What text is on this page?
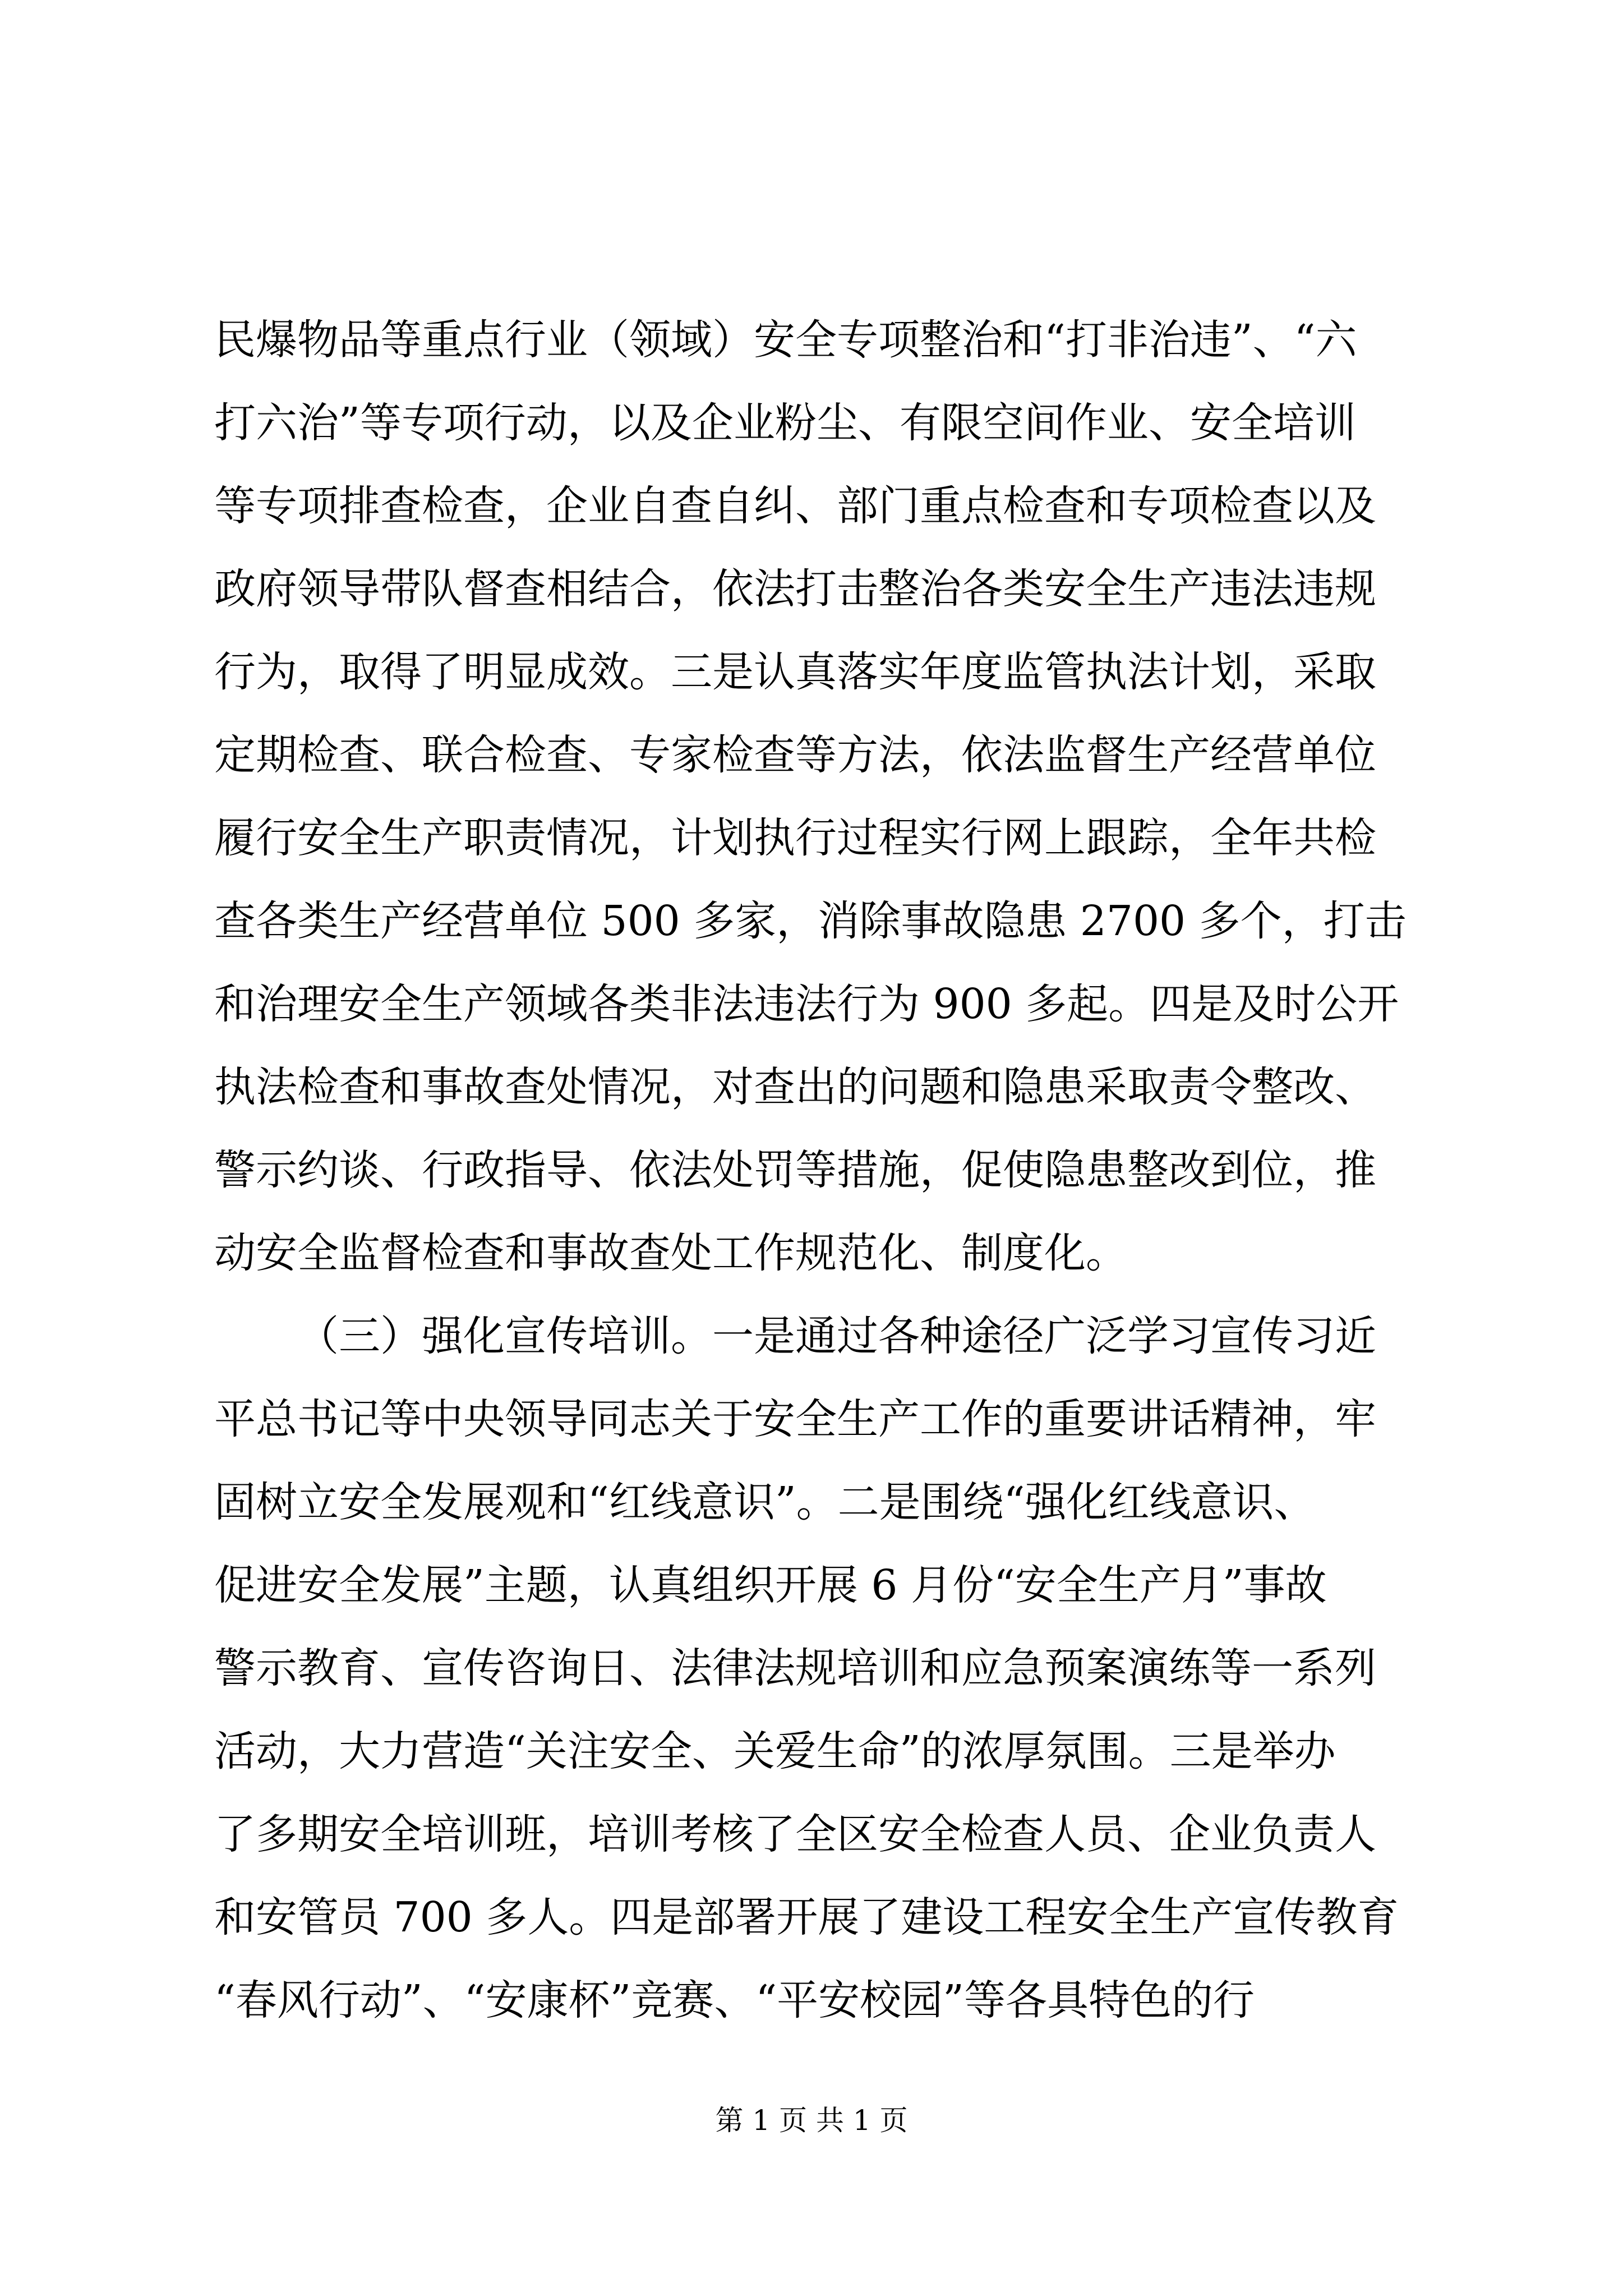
民爆物品等重点行业（领域）安全专项整治和“打非治违”、“六
打六治”等专项行动，以及企业粉尘、有限空间作业、安全培训
等专项排查检查，企业自查自纠、部门重点检查和专项检查以及
政府领导带队督查相结合，依法打击整治各类安全生产违法违规
行为，取得了明显成效。三是认真落实年度监管执法计划，采取
定期检查、联合检查、专家检查等方法，依法监督生产经营单位
履行安全生产职责情况，计划执行过程实行网上跟踪，全年共检
查各类生产经营单位 500 多家，消除事故隐患 2700 多个，打击
和治理安全生产领域各类非法违法行为 900 多起。四是及时公开
执法检查和事故查处情况，对查出的问题和隐患采取责令整改、
警示约谈、行政指导、依法处罚等措施，促使隐患整改到位，推
动安全监督检查和事故查处工作规范化、制度化。
（三）强化宣传培训。一是通过各种途径广泛学习宣传习近
平总书记等中央领导同志关于安全生产工作的重要讲话精神，牢
固树立安全发展观和“红线意识”。二是围绕“强化红线意识、
促进安全发展”主题，认真组织开展 6 月份“安全生产月”事故
警示教育、宣传咨询日、法律法规培训和应急预案演练等一系列
活动，大力营造“关注安全、关爱生命”的浓厚氛围。三是举办
了多期安全培训班，培训考核了全区安全检查人员、企业负责人
和安管员 700 多人。四是部署开展了建设工程安全生产宣传教育
“春风行动”、“安康杯”竞赛、“平安校园”等各具特色的行
第 1 页 共 1 页
